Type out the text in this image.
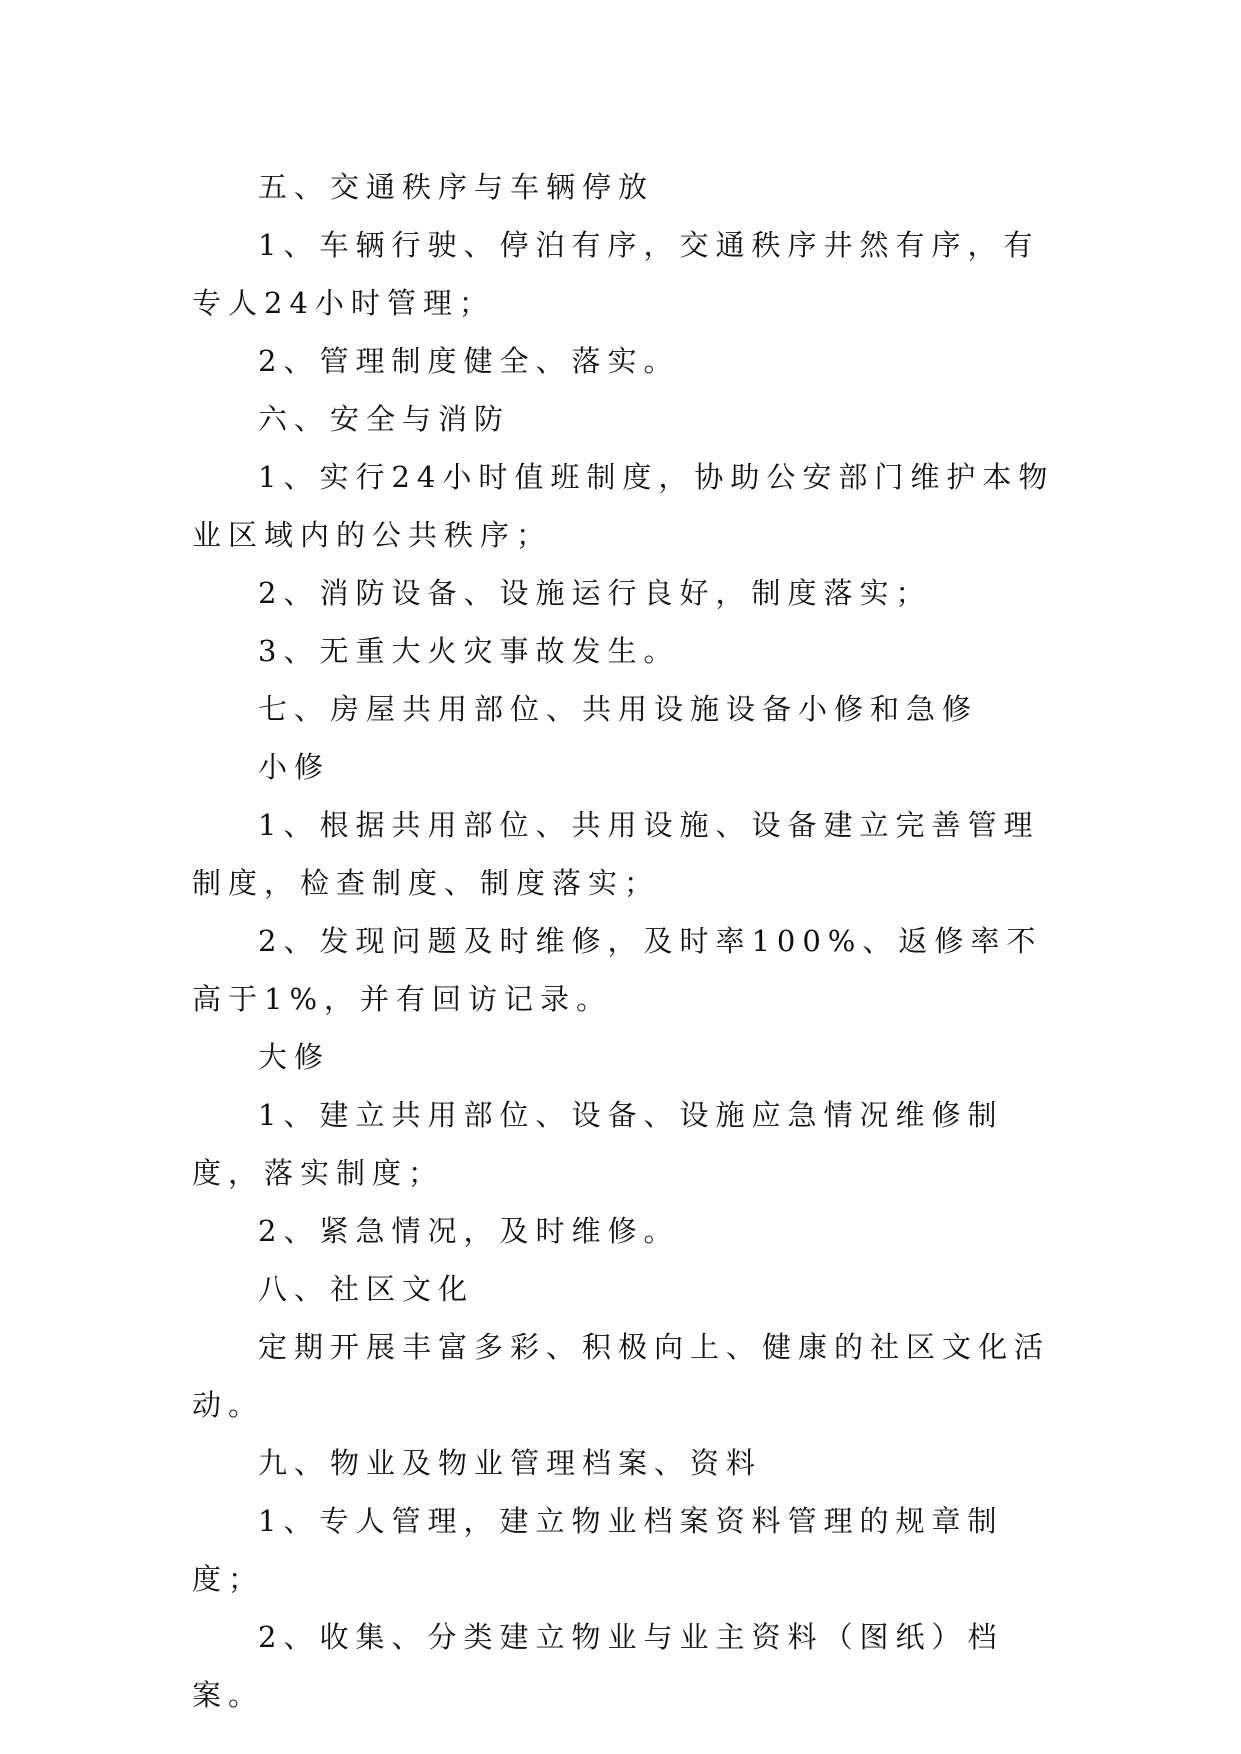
五、交通秩序与车辆停放

1、车辆行驶、停泊有序，交通秩序井然有序，有专人24小时管理；

2、管理制度健全、落实。

六、安全与消防

1、实行24小时值班制度，协助公安部门维护本物业区域内的公共秩序；

2、消防设备、设施运行良好，制度落实；

3、无重大火灾事故发生。

七、房屋共用部位、共用设施设备小修和急修

小修

1、根据共用部位、共用设施、设备建立完善管理制度，检查制度、制度落实；

2、发现问题及时维修，及时率100%、返修率不高于1%，并有回访记录。

大修

1、建立共用部位、设备、设施应急情况维修制度，落实制度；

2、紧急情况，及时维修。

八、社区文化

定期开展丰富多彩、积极向上、健康的社区文化活动。

九、物业及物业管理档案、资料

1、专人管理，建立物业档案资料管理的规章制度；

2、收集、分类建立物业与业主资料（图纸）档案。
